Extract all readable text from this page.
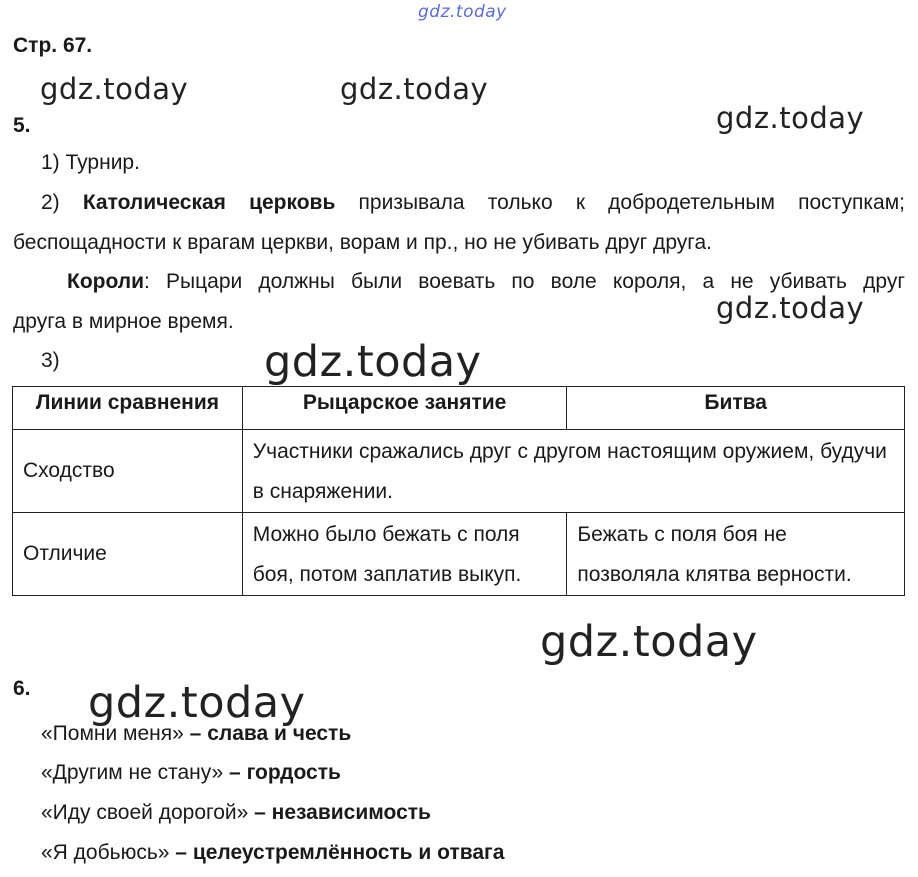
gdz.today
gdz.today	gdz.today
gdz.today
gdz.today
gdz.today
gdz.today
gdz.today
Стр. 67.
5.
1) Турнир.
2) Католическая церковь призывала только к добродетельным поступкам;
беспощадности к врагам церкви, ворам и пр., но не убивать друг друга.
Короли: Рыцари должны были воевать по воле короля, а не убивать друг
друга в мирное время.
3)
Линии сравнения	Рыцарское занятие	Битва
Сходство	Участники сражались друг с другом настоящим оружием, будучи в снаряжении.	
Отличие	Можно было бежать с поля боя, потом заплатив выкуп.	Бежать с поля боя не позволяла клятва верности.
6.
«Помни меня» – слава и честь
«Другим не стану» – гордость
«Иду своей дорогой» – независимость
«Я добьюсь» – целеустремлённость и отвага
